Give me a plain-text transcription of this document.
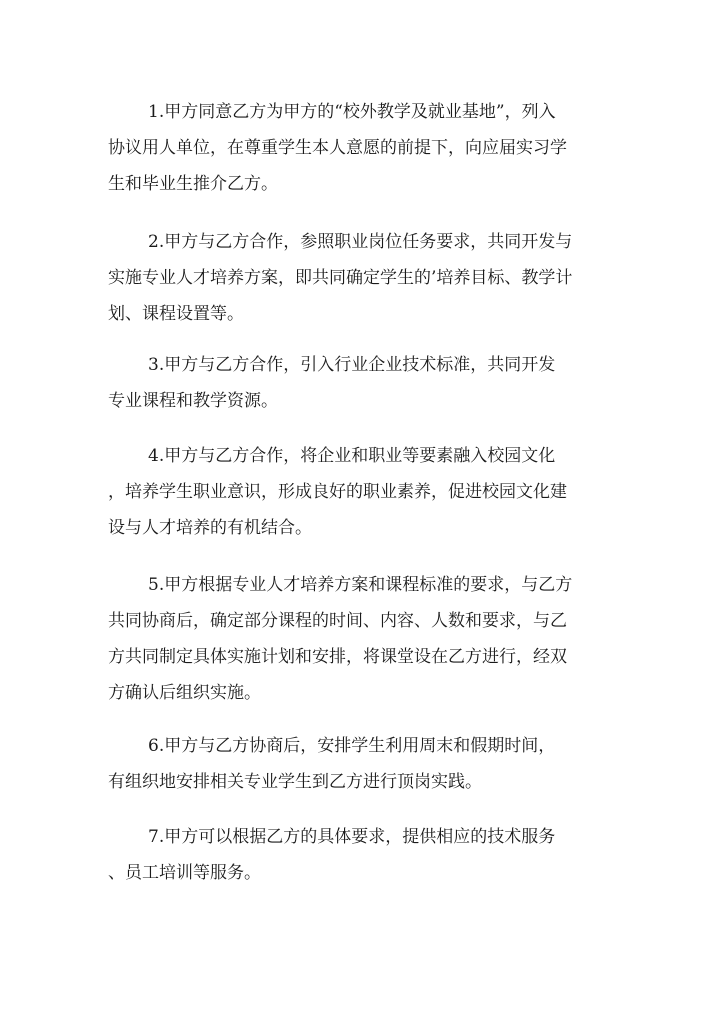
1.甲方同意乙方为甲方的“校外教学及就业基地”，列入
协议用人单位，在尊重学生本人意愿的前提下，向应届实习学
生和毕业生推介乙方。
2.甲方与乙方合作，参照职业岗位任务要求，共同开发与
实施专业人才培养方案，即共同确定学生的’培养目标、教学计
划、课程设置等。
3.甲方与乙方合作，引入行业企业技术标准，共同开发
专业课程和教学资源。
4.甲方与乙方合作，将企业和职业等要素融入校园文化
，培养学生职业意识，形成良好的职业素养，促进校园文化建
设与人才培养的有机结合。
5.甲方根据专业人才培养方案和课程标准的要求，与乙方
共同协商后，确定部分课程的时间、内容、人数和要求，与乙
方共同制定具体实施计划和安排，将课堂设在乙方进行，经双
方确认后组织实施。
6.甲方与乙方协商后，安排学生利用周末和假期时间，
有组织地安排相关专业学生到乙方进行顶岗实践。
7.甲方可以根据乙方的具体要求，提供相应的技术服务
、员工培训等服务。
